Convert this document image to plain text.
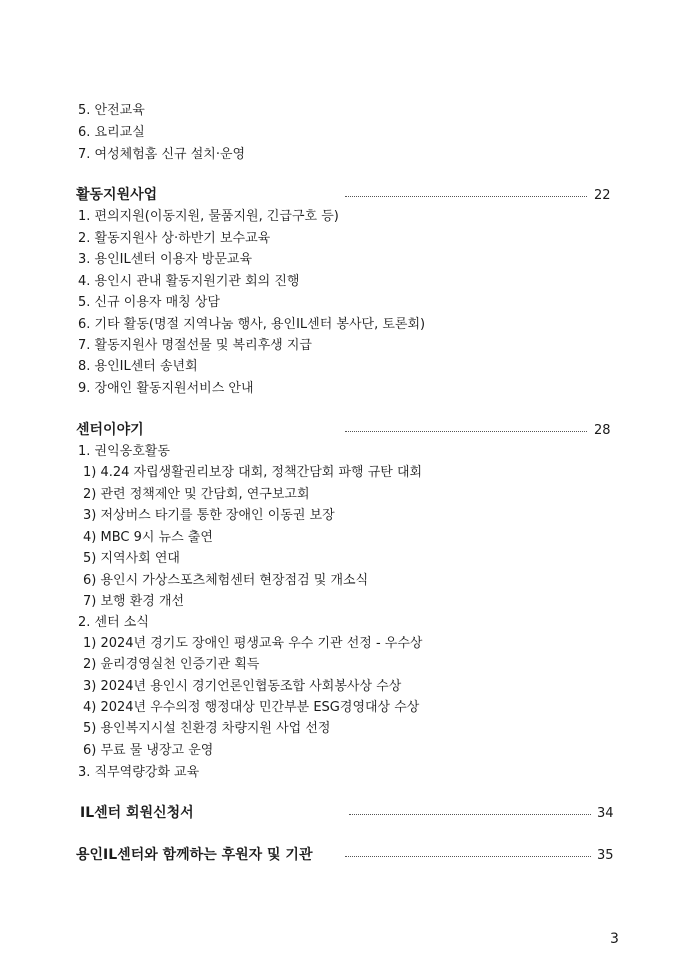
5. 안전교육
6. 요리교실
7. 여성체험홈 신규 설치·운영
활동지원사업	22
1. 편의지원(이동지원, 물품지원, 긴급구호 등)
2. 활동지원사 상·하반기 보수교육
3. 용인IL센터 이용자 방문교육
4. 용인시 관내 활동지원기관 회의 진행
5. 신규 이용자 매칭 상담
6. 기타 활동(명절 지역나눔 행사, 용인IL센터 봉사단, 토론회)
7. 활동지원사 명절선물 및 복리후생 지급
8. 용인IL센터 송년회
9. 장애인 활동지원서비스 안내
센터이야기	28
1. 권익옹호활동
1) 4.24 자립생활권리보장 대회, 정책간담회 파행 규탄 대회
2) 관련 정책제안 및 간담회, 연구보고회
3) 저상버스 타기를 통한 장애인 이동권 보장
4) MBC 9시 뉴스 출연
5) 지역사회 연대
6) 용인시 가상스포츠체험센터 현장점검 및 개소식
7) 보행 환경 개선
2. 센터 소식
1) 2024년 경기도 장애인 평생교육 우수 기관 선정 - 우수상
2) 윤리경영실천 인증기관 획득
3) 2024년 용인시 경기언론인협동조합 사회봉사상 수상
4) 2024년 우수의정 행정대상 민간부분 ESG경영대상 수상
5) 용인복지시설 친환경 차량지원 사업 선정
6) 무료 물 냉장고 운영
3. 직무역량강화 교육
IL센터 회원신청서	34
용인IL센터와 함께하는 후원자 및 기관	35
3
